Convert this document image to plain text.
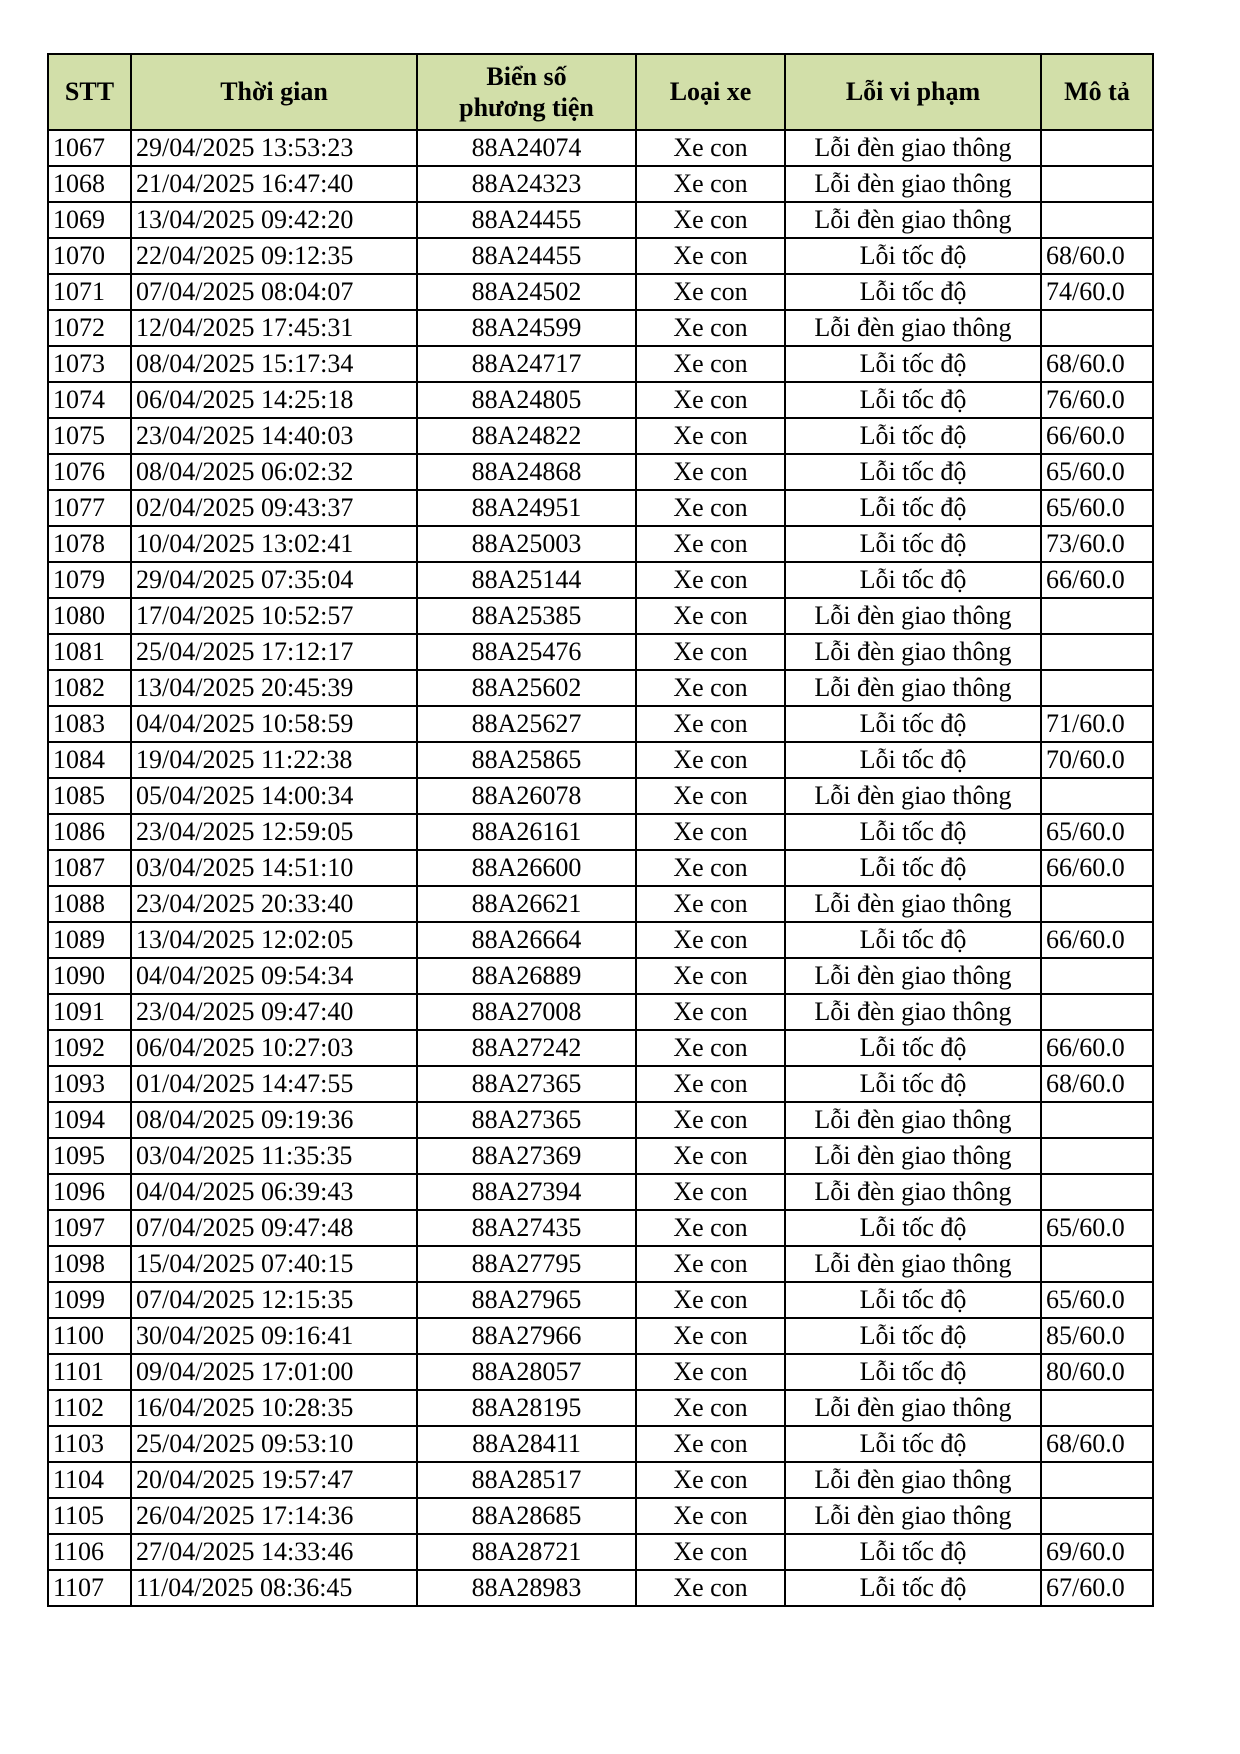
STT	Thời gian	Biển số
phương tiện	Loại xe	Lỗi vi phạm	Mô tả
1067	29/04/2025 13:53:23	88A24074	Xe con	Lỗi đèn giao thông	
1068	21/04/2025 16:47:40	88A24323	Xe con	Lỗi đèn giao thông	
1069	13/04/2025 09:42:20	88A24455	Xe con	Lỗi đèn giao thông	
1070	22/04/2025 09:12:35	88A24455	Xe con	Lỗi tốc độ	68/60.0
1071	07/04/2025 08:04:07	88A24502	Xe con	Lỗi tốc độ	74/60.0
1072	12/04/2025 17:45:31	88A24599	Xe con	Lỗi đèn giao thông	
1073	08/04/2025 15:17:34	88A24717	Xe con	Lỗi tốc độ	68/60.0
1074	06/04/2025 14:25:18	88A24805	Xe con	Lỗi tốc độ	76/60.0
1075	23/04/2025 14:40:03	88A24822	Xe con	Lỗi tốc độ	66/60.0
1076	08/04/2025 06:02:32	88A24868	Xe con	Lỗi tốc độ	65/60.0
1077	02/04/2025 09:43:37	88A24951	Xe con	Lỗi tốc độ	65/60.0
1078	10/04/2025 13:02:41	88A25003	Xe con	Lỗi tốc độ	73/60.0
1079	29/04/2025 07:35:04	88A25144	Xe con	Lỗi tốc độ	66/60.0
1080	17/04/2025 10:52:57	88A25385	Xe con	Lỗi đèn giao thông	
1081	25/04/2025 17:12:17	88A25476	Xe con	Lỗi đèn giao thông	
1082	13/04/2025 20:45:39	88A25602	Xe con	Lỗi đèn giao thông	
1083	04/04/2025 10:58:59	88A25627	Xe con	Lỗi tốc độ	71/60.0
1084	19/04/2025 11:22:38	88A25865	Xe con	Lỗi tốc độ	70/60.0
1085	05/04/2025 14:00:34	88A26078	Xe con	Lỗi đèn giao thông	
1086	23/04/2025 12:59:05	88A26161	Xe con	Lỗi tốc độ	65/60.0
1087	03/04/2025 14:51:10	88A26600	Xe con	Lỗi tốc độ	66/60.0
1088	23/04/2025 20:33:40	88A26621	Xe con	Lỗi đèn giao thông	
1089	13/04/2025 12:02:05	88A26664	Xe con	Lỗi tốc độ	66/60.0
1090	04/04/2025 09:54:34	88A26889	Xe con	Lỗi đèn giao thông	
1091	23/04/2025 09:47:40	88A27008	Xe con	Lỗi đèn giao thông	
1092	06/04/2025 10:27:03	88A27242	Xe con	Lỗi tốc độ	66/60.0
1093	01/04/2025 14:47:55	88A27365	Xe con	Lỗi tốc độ	68/60.0
1094	08/04/2025 09:19:36	88A27365	Xe con	Lỗi đèn giao thông	
1095	03/04/2025 11:35:35	88A27369	Xe con	Lỗi đèn giao thông	
1096	04/04/2025 06:39:43	88A27394	Xe con	Lỗi đèn giao thông	
1097	07/04/2025 09:47:48	88A27435	Xe con	Lỗi tốc độ	65/60.0
1098	15/04/2025 07:40:15	88A27795	Xe con	Lỗi đèn giao thông	
1099	07/04/2025 12:15:35	88A27965	Xe con	Lỗi tốc độ	65/60.0
1100	30/04/2025 09:16:41	88A27966	Xe con	Lỗi tốc độ	85/60.0
1101	09/04/2025 17:01:00	88A28057	Xe con	Lỗi tốc độ	80/60.0
1102	16/04/2025 10:28:35	88A28195	Xe con	Lỗi đèn giao thông	
1103	25/04/2025 09:53:10	88A28411	Xe con	Lỗi tốc độ	68/60.0
1104	20/04/2025 19:57:47	88A28517	Xe con	Lỗi đèn giao thông	
1105	26/04/2025 17:14:36	88A28685	Xe con	Lỗi đèn giao thông	
1106	27/04/2025 14:33:46	88A28721	Xe con	Lỗi tốc độ	69/60.0
1107	11/04/2025 08:36:45	88A28983	Xe con	Lỗi tốc độ	67/60.0
